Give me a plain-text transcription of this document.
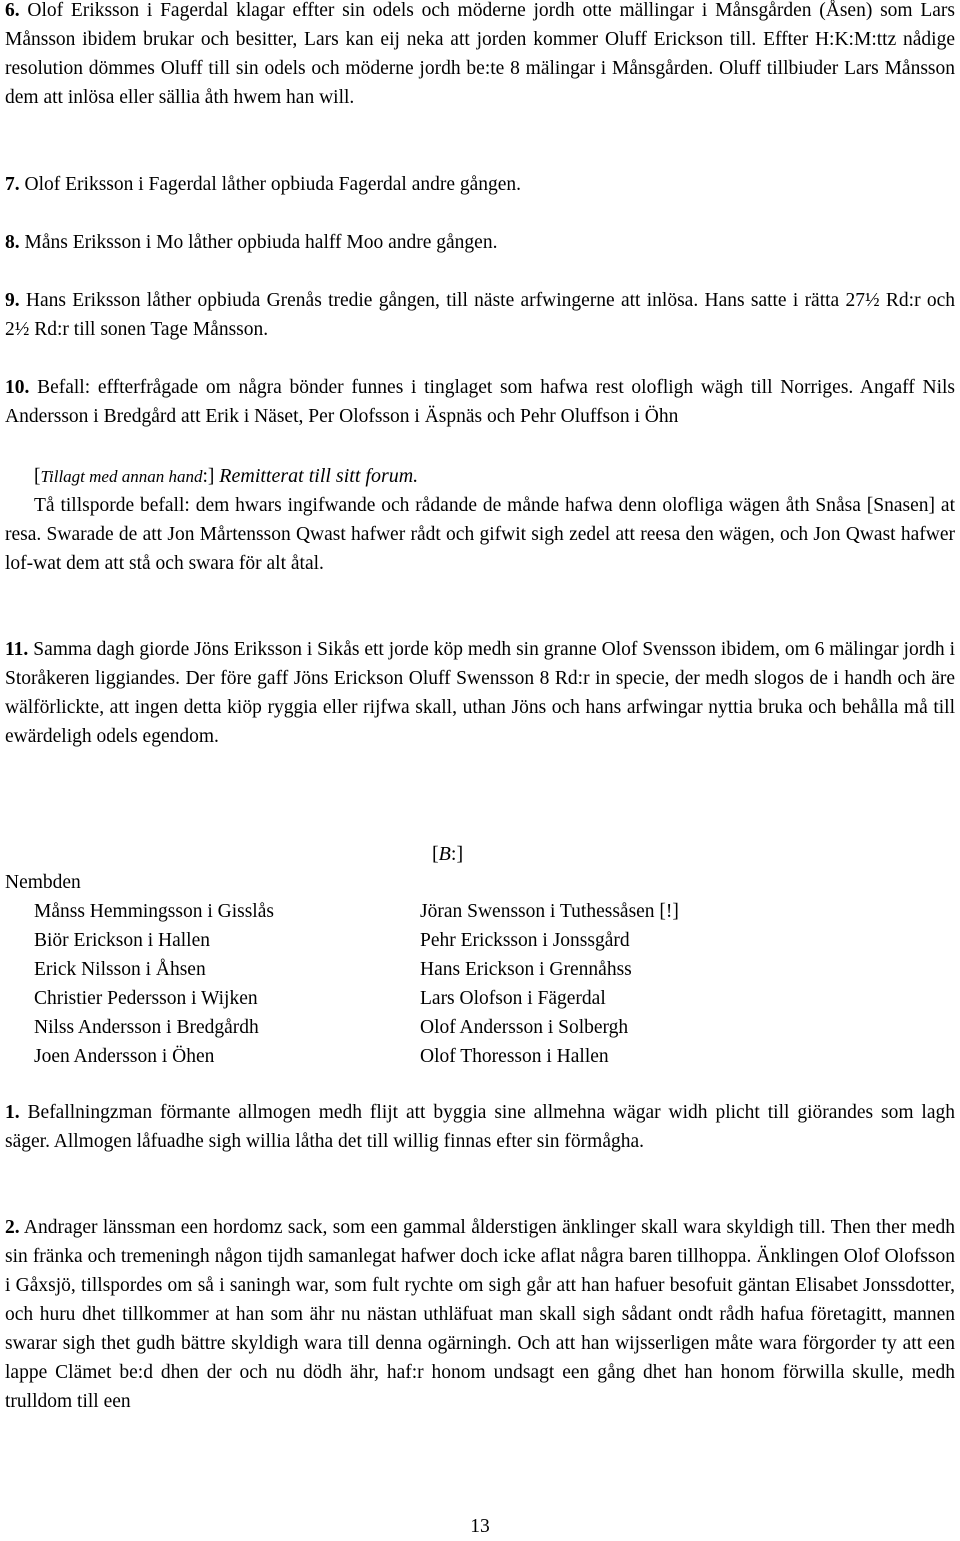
6. Olof Eriksson i Fagerdal klagar effter sin odels och möderne jordh otte mällingar i Månsgården (Åsen) som Lars Månsson ibidem brukar och besitter, Lars kan eij neka att jorden kommer Oluff Erickson till. Effter H:K:M:ttz nådige resolution dömmes Oluff till sin odels och möderne jordh be:te 8 mälingar i Månsgården. Oluff tillbiuder Lars Månsson dem att inlösa eller sällia åth hwem han will.

7. Olof Eriksson i Fagerdal låther opbiuda Fagerdal andre gången.

8. Måns Eriksson i Mo låther opbiuda halff Moo andre gången.

9. Hans Eriksson låther opbiuda Grenås tredie gången, till näste arfwingerne att inlösa. Hans satte i rätta 27½ Rd:r och 2½ Rd:r till sonen Tage Månsson.

10. Befall: effterfrågade om några bönder funnes i tinglaget som hafwa rest olofligh wägh till Norriges. Angaff Nils Andersson i Bredgård att Erik i Näset, Per Olofsson i Äspnäs och Pehr Oluffson i Öhn

[Tillagt med annan hand:] Remitterat till sitt forum.

Tå tillsporde befall: dem hwars ingifwande och rådande de månde hafwa denn olofliga wägen åth Snåsa [Snasen] at resa. Swarade de att Jon Mårtensson Qwast hafwer rådt och gifwit sigh zedel att reesa den wägen, och Jon Qwast hafwer lof-wat dem att stå och swara för alt åtal.

11. Samma dagh giorde Jöns Eriksson i Sikås ett jorde köp medh sin granne Olof Svensson ibidem, om 6 mälingar jordh i Storåkeren liggiandes. Der före gaff Jöns Erickson Oluff Swensson 8 Rd:r in specie, der medh slogos de i handh och äre wälförlickte, att ingen detta kiöp ryggia eller rijfwa skall, uthan Jöns och hans arfwingar nyttia bruka och behålla må till ewärdeligh odels egendom.

[B:]
Nembden
Månss Hemmingsson i Gisslås
Biör Erickson i Hallen
Erick Nilsson i Åhsen
Christier Pedersson i Wijken
Nilss Andersson i Bredgårdh
Joen Andersson i Öhen
Jöran Swensson i Tuthessåsen [!]
Pehr Ericksson i Jonssgård
Hans Erickson i Grennåhss
Lars Olofson i Fägerdal
Olof Andersson i Solbergh
Olof Thoresson i Hallen

1. Befallningzman förmante allmogen medh flijt att byggia sine allmehna wägar widh plicht till giörandes som lagh säger. Allmogen låfuadhe sigh willia låtha det till willig finnas efter sin förmågha.

2. Andrager länssman een hordomz sack, som een gammal ålderstigen änklinger skall wara skyldigh till. Then ther medh sin fränka och tremeningh någon tijdh samanlegat hafwer doch icke aflat några baren tillhoppa. Änklingen Olof Olofsson i Gåxsjö, tillspordes om så i saningh war, som fult rychte om sigh går att han hafuer besofuit gäntan Elisabet Jonssdotter, och huru dhet tillkommer at han som ähr nu nästan uthläfuat man skall sigh sådant ondt rådh hafua företagitt, mannen swarar sigh thet gudh bättre skyldigh wara till denna ogärningh. Och att han wijsserligen måte wara förgorder ty att een lappe Clämet be:d dhen der och nu dödh ähr, haf:r honom undsagt een gång dhet han honom förwilla skulle, medh trulldom till een

13
